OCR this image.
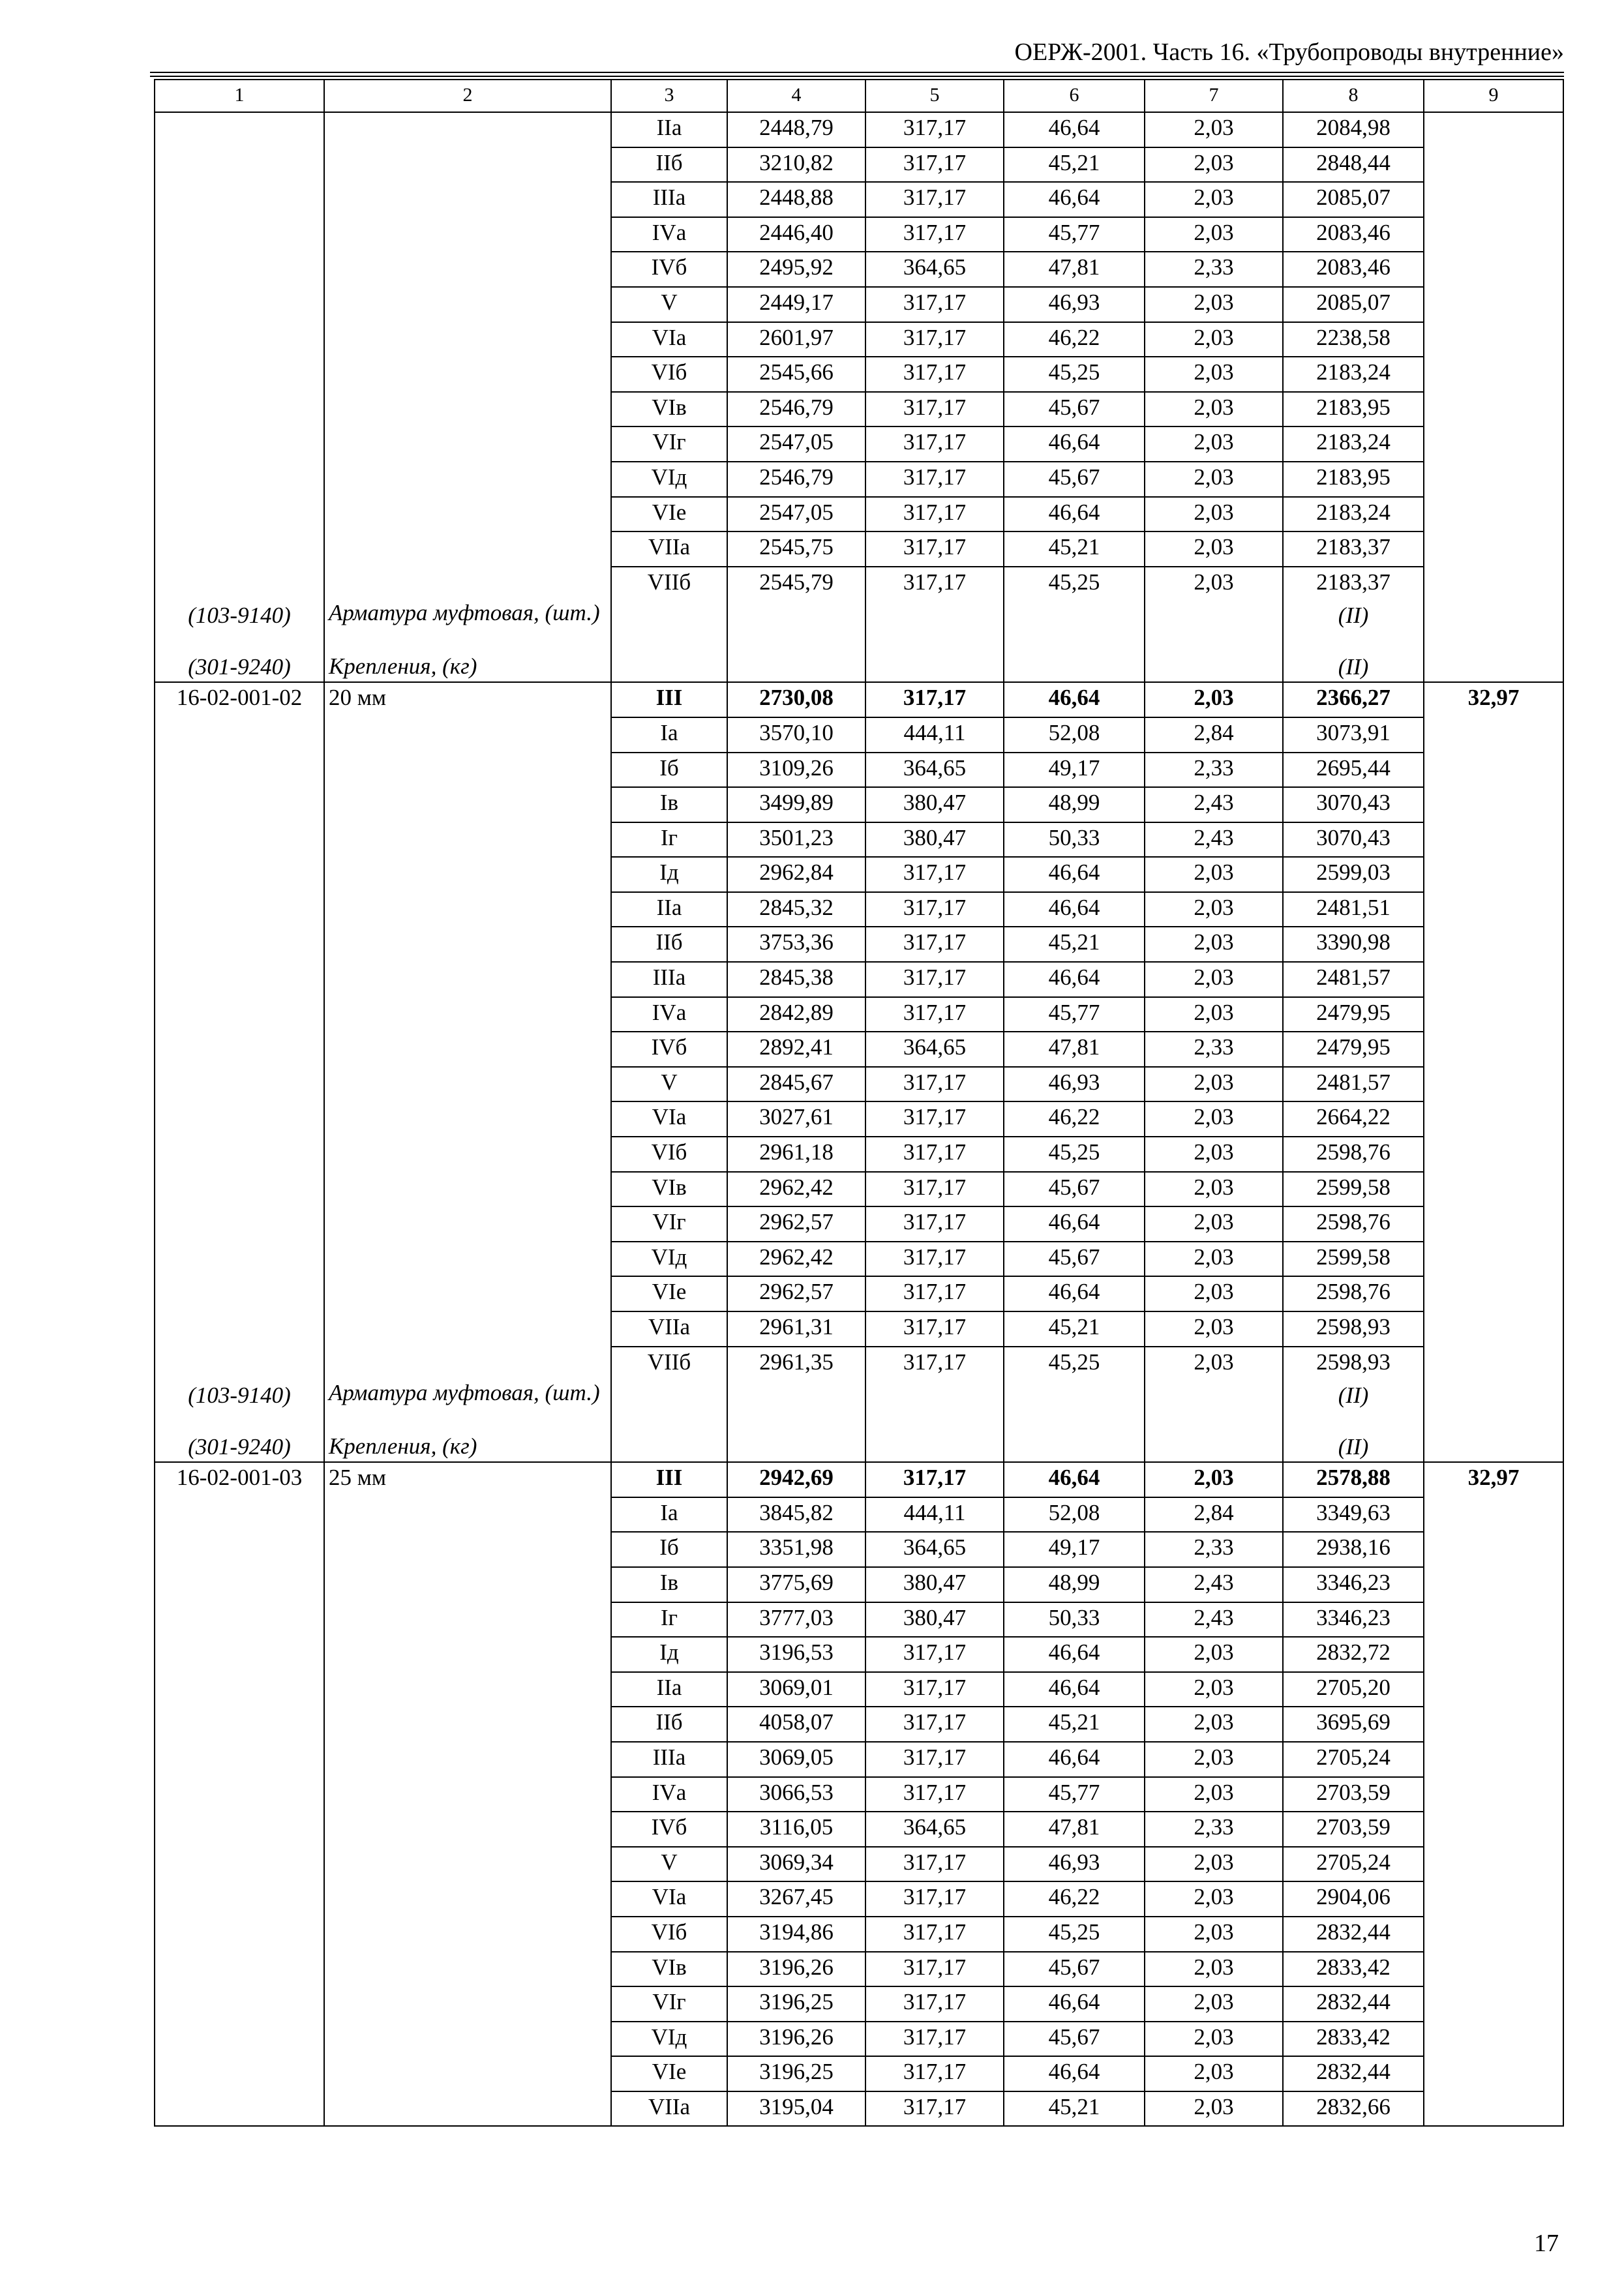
ОЕРЖ-2001. Часть 16. «Трубопроводы внутренние»
1	2	3	4	5	6	7	8	9
		IIа	2448,79	317,17	46,64	2,03	2084,98	
		IIб	3210,82	317,17	45,21	2,03	2848,44	
		IIIа	2448,88	317,17	46,64	2,03	2085,07	
		IVа	2446,40	317,17	45,77	2,03	2083,46	
		IVб	2495,92	364,65	47,81	2,33	2083,46	
		V	2449,17	317,17	46,93	2,03	2085,07	
		VIа	2601,97	317,17	46,22	2,03	2238,58	
		VIб	2545,66	317,17	45,25	2,03	2183,24	
		VIв	2546,79	317,17	45,67	2,03	2183,95	
		VIг	2547,05	317,17	46,64	2,03	2183,24	
		VIд	2546,79	317,17	45,67	2,03	2183,95	
		VIе	2547,05	317,17	46,64	2,03	2183,24	
		VIIа	2545,75	317,17	45,21	2,03	2183,37	
		VIIб	2545,79	317,17	45,25	2,03	2183,37	
(103-9140)	Арматура муфтовая, (шт.)						(II)	
(301-9240)	Крепления, (кг)						(II)	
16-02-001-02	20 мм	III	2730,08	317,17	46,64	2,03	2366,27	32,97
		Iа	3570,10	444,11	52,08	2,84	3073,91	
		Iб	3109,26	364,65	49,17	2,33	2695,44	
		Iв	3499,89	380,47	48,99	2,43	3070,43	
		Iг	3501,23	380,47	50,33	2,43	3070,43	
		Iд	2962,84	317,17	46,64	2,03	2599,03	
		IIа	2845,32	317,17	46,64	2,03	2481,51	
		IIб	3753,36	317,17	45,21	2,03	3390,98	
		IIIа	2845,38	317,17	46,64	2,03	2481,57	
		IVа	2842,89	317,17	45,77	2,03	2479,95	
		IVб	2892,41	364,65	47,81	2,33	2479,95	
		V	2845,67	317,17	46,93	2,03	2481,57	
		VIа	3027,61	317,17	46,22	2,03	2664,22	
		VIб	2961,18	317,17	45,25	2,03	2598,76	
		VIв	2962,42	317,17	45,67	2,03	2599,58	
		VIг	2962,57	317,17	46,64	2,03	2598,76	
		VIд	2962,42	317,17	45,67	2,03	2599,58	
		VIе	2962,57	317,17	46,64	2,03	2598,76	
		VIIа	2961,31	317,17	45,21	2,03	2598,93	
		VIIб	2961,35	317,17	45,25	2,03	2598,93	
(103-9140)	Арматура муфтовая, (шт.)						(II)	
(301-9240)	Крепления, (кг)						(II)	
16-02-001-03	25 мм	III	2942,69	317,17	46,64	2,03	2578,88	32,97
		Iа	3845,82	444,11	52,08	2,84	3349,63	
		Iб	3351,98	364,65	49,17	2,33	2938,16	
		Iв	3775,69	380,47	48,99	2,43	3346,23	
		Iг	3777,03	380,47	50,33	2,43	3346,23	
		Iд	3196,53	317,17	46,64	2,03	2832,72	
		IIа	3069,01	317,17	46,64	2,03	2705,20	
		IIб	4058,07	317,17	45,21	2,03	3695,69	
		IIIа	3069,05	317,17	46,64	2,03	2705,24	
		IVа	3066,53	317,17	45,77	2,03	2703,59	
		IVб	3116,05	364,65	47,81	2,33	2703,59	
		V	3069,34	317,17	46,93	2,03	2705,24	
		VIа	3267,45	317,17	46,22	2,03	2904,06	
		VIб	3194,86	317,17	45,25	2,03	2832,44	
		VIв	3196,26	317,17	45,67	2,03	2833,42	
		VIг	3196,25	317,17	46,64	2,03	2832,44	
		VIд	3196,26	317,17	45,67	2,03	2833,42	
		VIе	3196,25	317,17	46,64	2,03	2832,44	
		VIIа	3195,04	317,17	45,21	2,03	2832,66	
17
